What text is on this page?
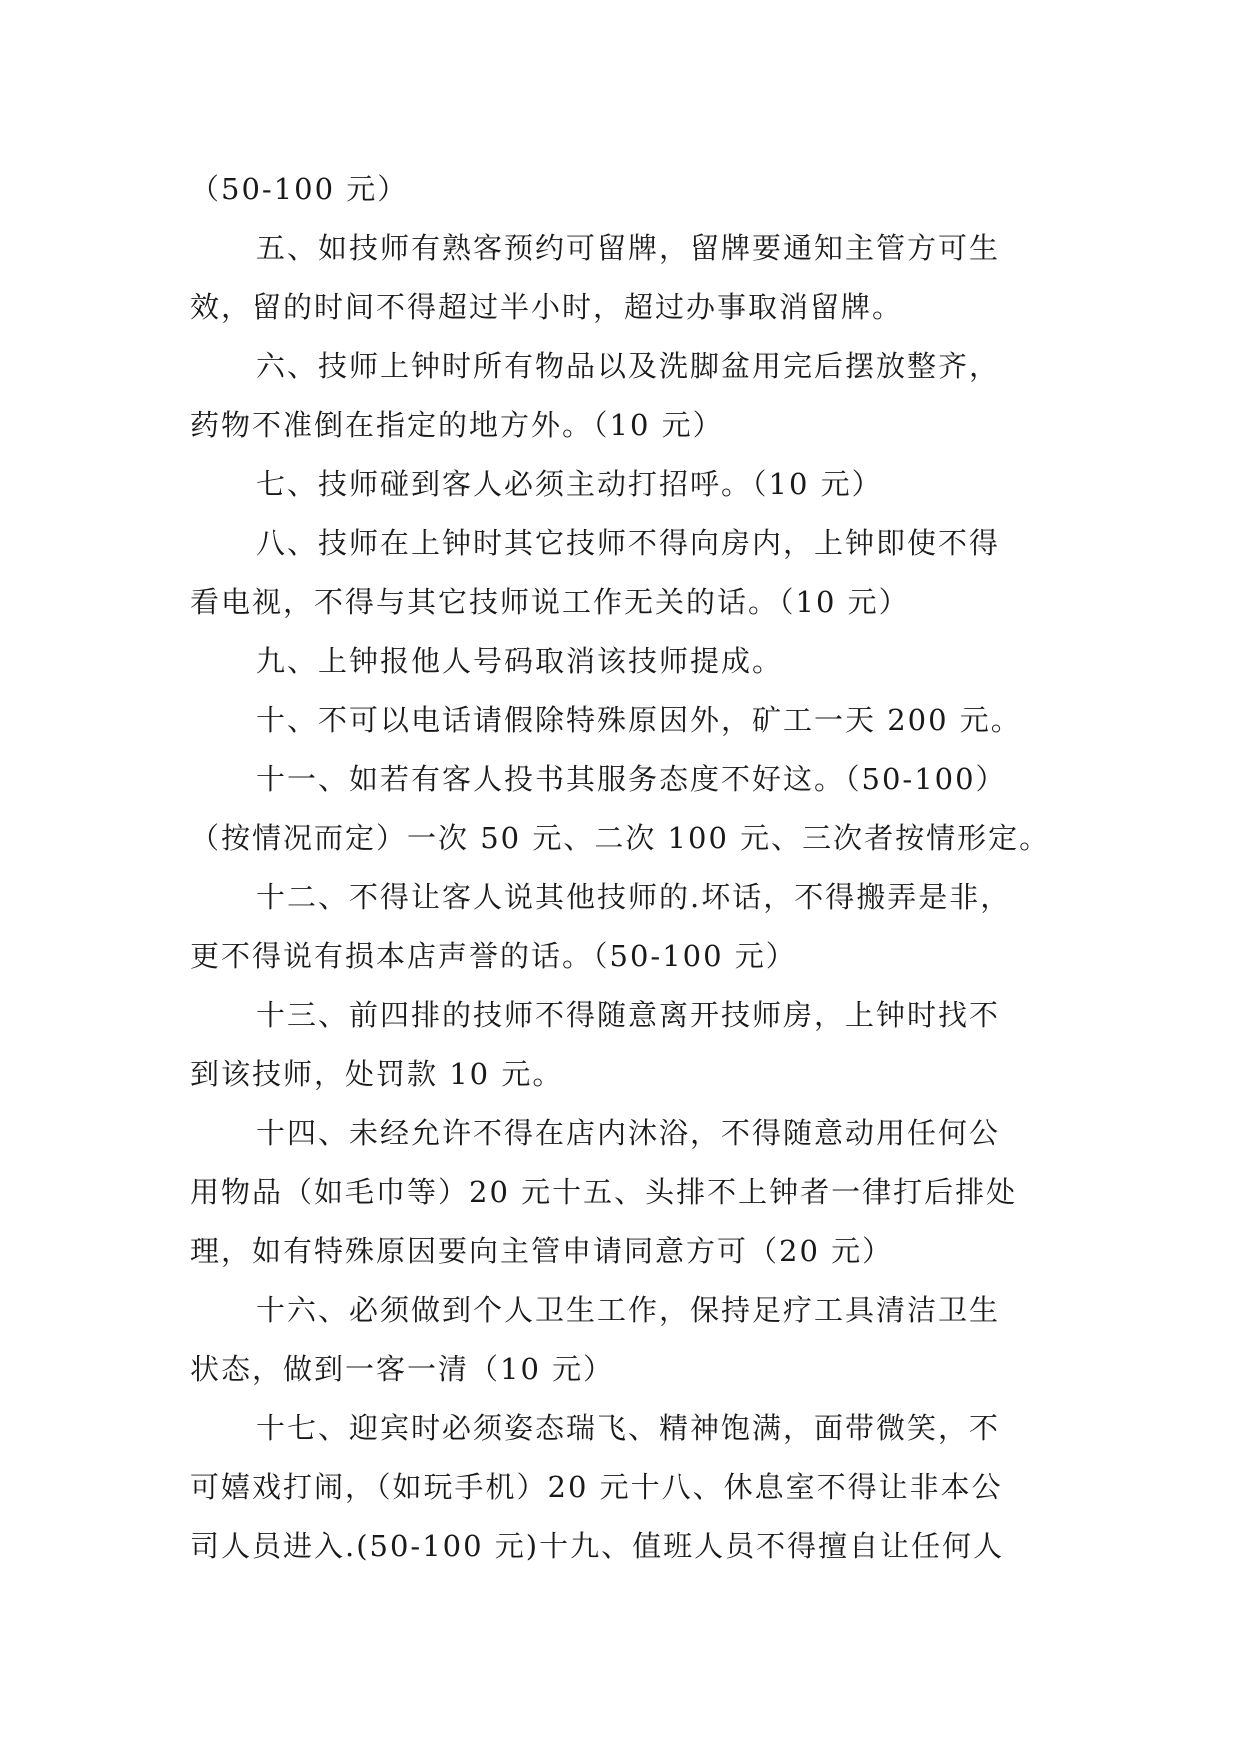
（50-100 元）
五、如技师有熟客预约可留牌，留牌要通知主管方可生
效，留的时间不得超过半小时，超过办事取消留牌。
六、技师上钟时所有物品以及洗脚盆用完后摆放整齐，
药物不准倒在指定的地方外。（10 元）
七、技师碰到客人必须主动打招呼。（10 元）
八、技师在上钟时其它技师不得向房内，上钟即使不得
看电视，不得与其它技师说工作无关的话。（10 元）
九、上钟报他人号码取消该技师提成。
十、不可以电话请假除特殊原因外，矿工一天 200 元。
十一、如若有客人投书其服务态度不好这。（50-100）
（按情况而定）一次 50 元、二次 100 元、三次者按情形定。
十二、不得让客人说其他技师的.坏话，不得搬弄是非，
更不得说有损本店声誉的话。（50-100 元）
十三、前四排的技师不得随意离开技师房，上钟时找不
到该技师，处罚款 10 元。
十四、未经允许不得在店内沐浴，不得随意动用任何公
用物品（如毛巾等）20 元十五、头排不上钟者一律打后排处
理，如有特殊原因要向主管申请同意方可（20 元）
十六、必须做到个人卫生工作，保持足疗工具清洁卫生
状态，做到一客一清（10 元）
十七、迎宾时必须姿态瑞飞、精神饱满，面带微笑，不
可嬉戏打闹，（如玩手机）20 元十八、休息室不得让非本公
司人员进入.(50-100 元)十九、值班人员不得擅自让任何人
